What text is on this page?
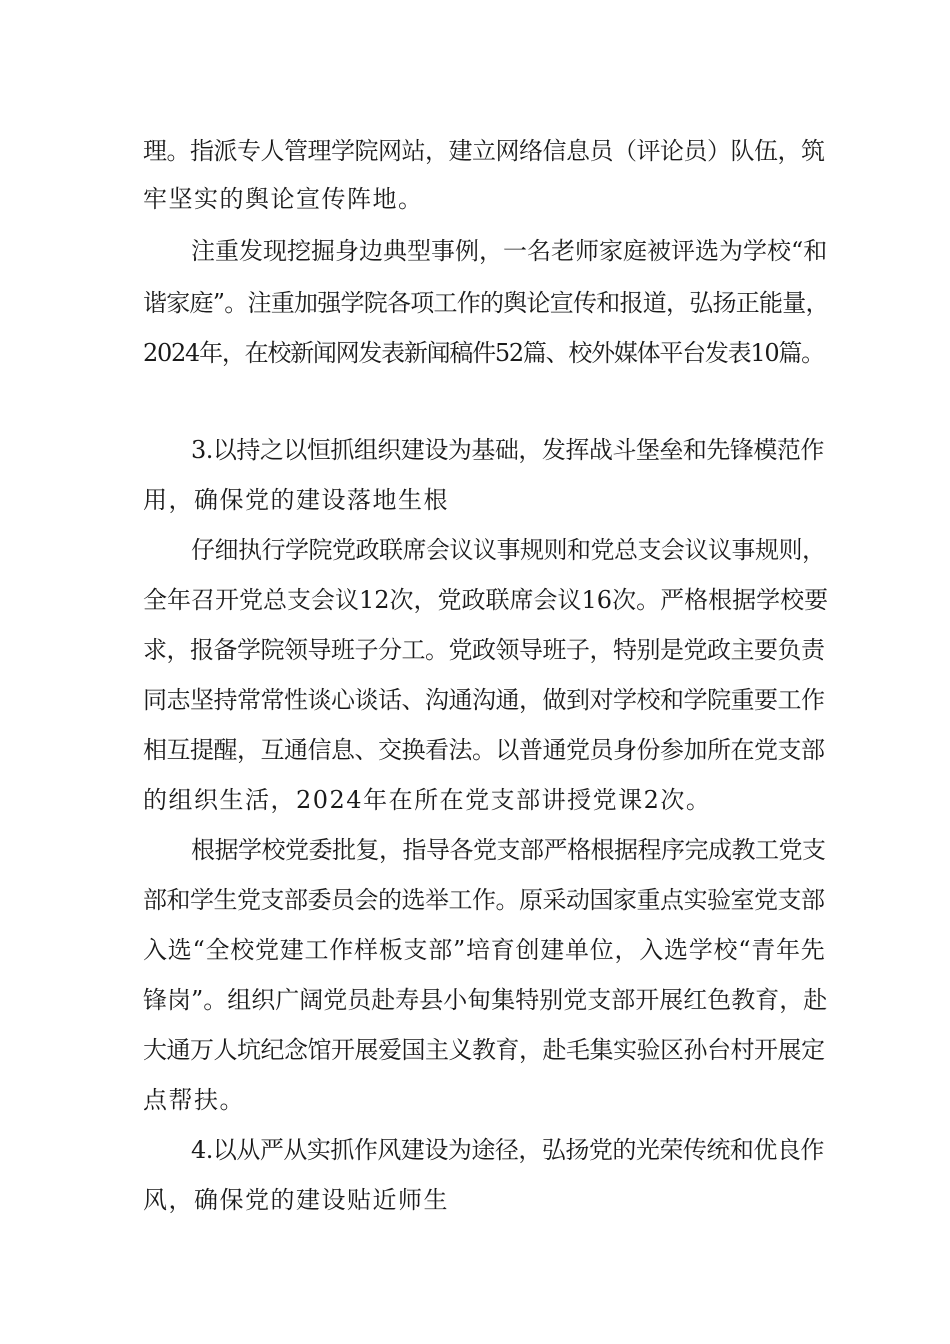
理。指派专人管理学院网站，建立网络信息员（评论员）队伍，筑
牢坚实的舆论宣传阵地。
注重发现挖掘身边典型事例，一名老师家庭被评选为学校“和
谐家庭”。注重加强学院各项工作的舆论宣传和报道，弘扬正能量，
2024年，在校新闻网发表新闻稿件52篇、校外媒体平台发表10篇。
3.以持之以恒抓组织建设为基础，发挥战斗堡垒和先锋模范作
用，确保党的建设落地生根
仔细执行学院党政联席会议议事规则和党总支会议议事规则，
全年召开党总支会议12次，党政联席会议16次。严格根据学校要
求，报备学院领导班子分工。党政领导班子，特别是党政主要负责
同志坚持常常性谈心谈话、沟通沟通，做到对学校和学院重要工作
相互提醒，互通信息、交换看法。以普通党员身份参加所在党支部
的组织生活，2024年在所在党支部讲授党课2次。
根据学校党委批复，指导各党支部严格根据程序完成教工党支
部和学生党支部委员会的选举工作。原采动国家重点实验室党支部
入选“全校党建工作样板支部”培育创建单位，入选学校“青年先
锋岗”。组织广阔党员赴寿县小甸集特别党支部开展红色教育，赴
大通万人坑纪念馆开展爱国主义教育，赴毛集实验区孙台村开展定
点帮扶。
4.以从严从实抓作风建设为途径，弘扬党的光荣传统和优良作
风，确保党的建设贴近师生
